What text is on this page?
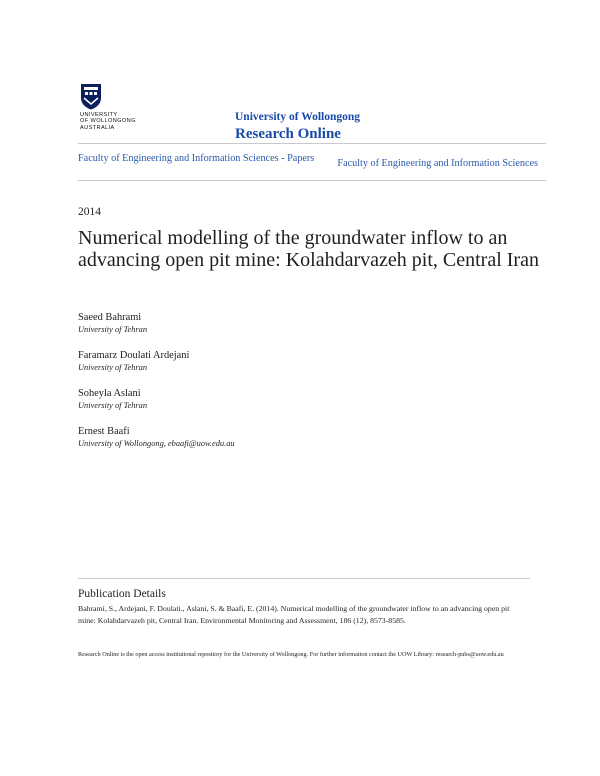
UNIVERSITY
OF WOLLONGONG
AUSTRALIA
University of Wollongong
Research Online
Faculty of Engineering and Information Sciences - Papers Faculty of Engineering and Information Sciences
2014
Numerical modelling of the groundwater inflow to an advancing open pit mine: Kolahdarvazeh pit, Central Iran
Saeed Bahrami
University of Tehran
Faramarz Doulati Ardejani
University of Tehran
Soheyla Aslani
University of Tehran
Ernest Baafi
University of Wollongong, ebaafi@uow.edu.au
Publication Details
Bahrami, S., Ardejani, F. Doulati., Aslani, S. & Baafi, E. (2014). Numerical modelling of the groundwater inflow to an advancing open pit mine: Kolahdarvazeh pit, Central Iran. Environmental Monitoring and Assessment, 186 (12), 8573-8585.
Research Online is the open access institutional repository for the University of Wollongong. For further information contact the UOW Library: research-pubs@uow.edu.au
